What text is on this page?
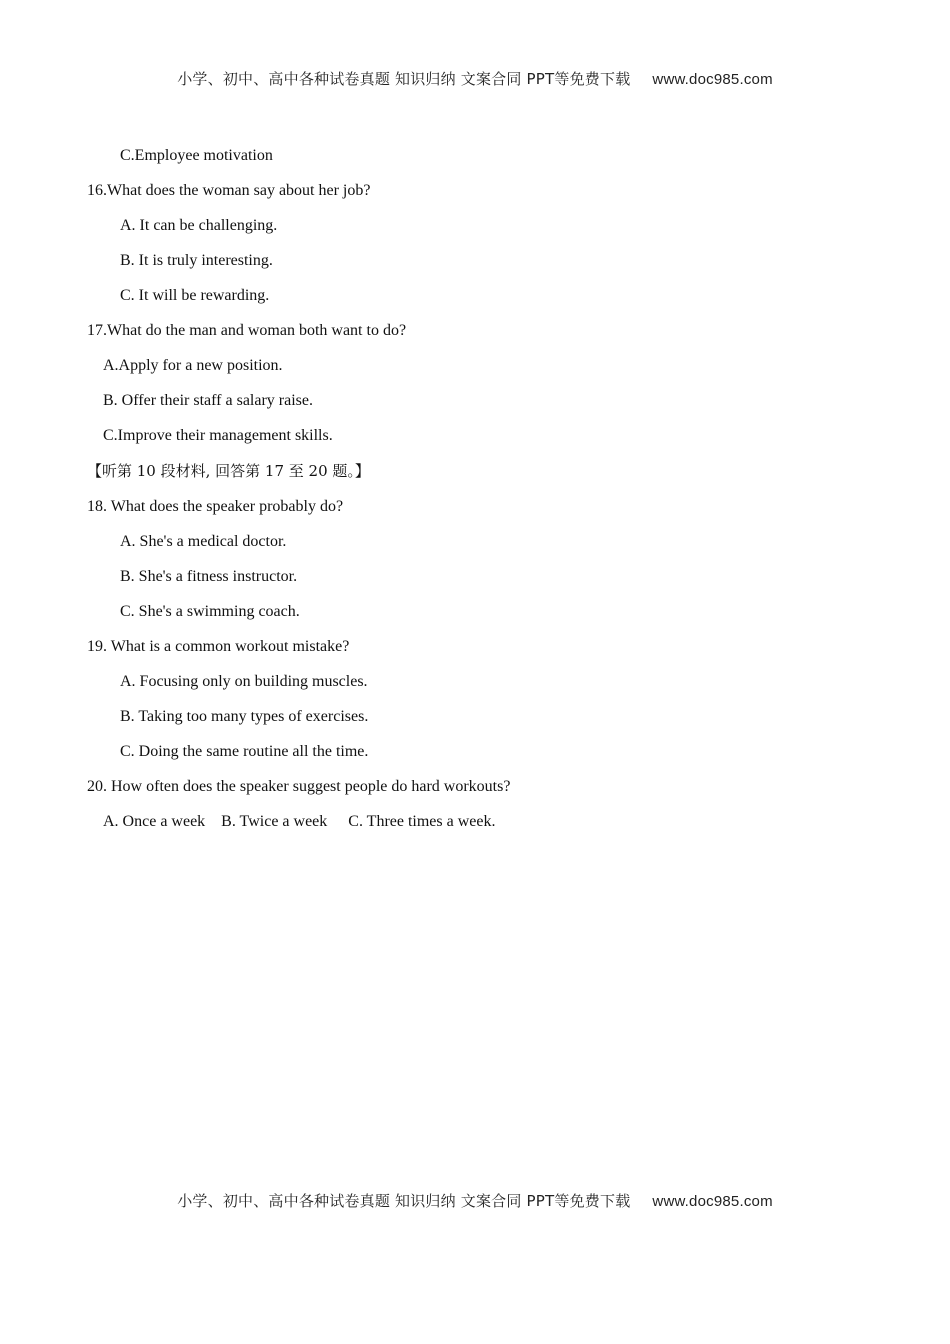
小学、初中、高中各种试卷真题 知识归纳 文案合同 PPT等免费下载 www.doc985.com
C.Employee motivation
16.What does the woman say about her job?
A. It can be challenging.
B. It is truly interesting.
C. It will be rewarding.
17.What do the man and woman both want to do?
A.Apply for a new position.
B. Offer their staff a salary raise.
C.Improve their management skills.
【听第 10 段材料, 回答第 17 至 20 题。】
18. What does the speaker probably do?
A. She's a medical doctor.
B. She's a fitness instructor.
C. She's a swimming coach.
19. What is a common workout mistake?
A. Focusing only on building muscles.
B. Taking too many types of exercises.
C. Doing the same routine all the time.
20. How often does the speaker suggest people do hard workouts?
A. Once a week B. Twice a week C. Three times a week.
小学、初中、高中各种试卷真题 知识归纳 文案合同 PPT等免费下载 www.doc985.com
